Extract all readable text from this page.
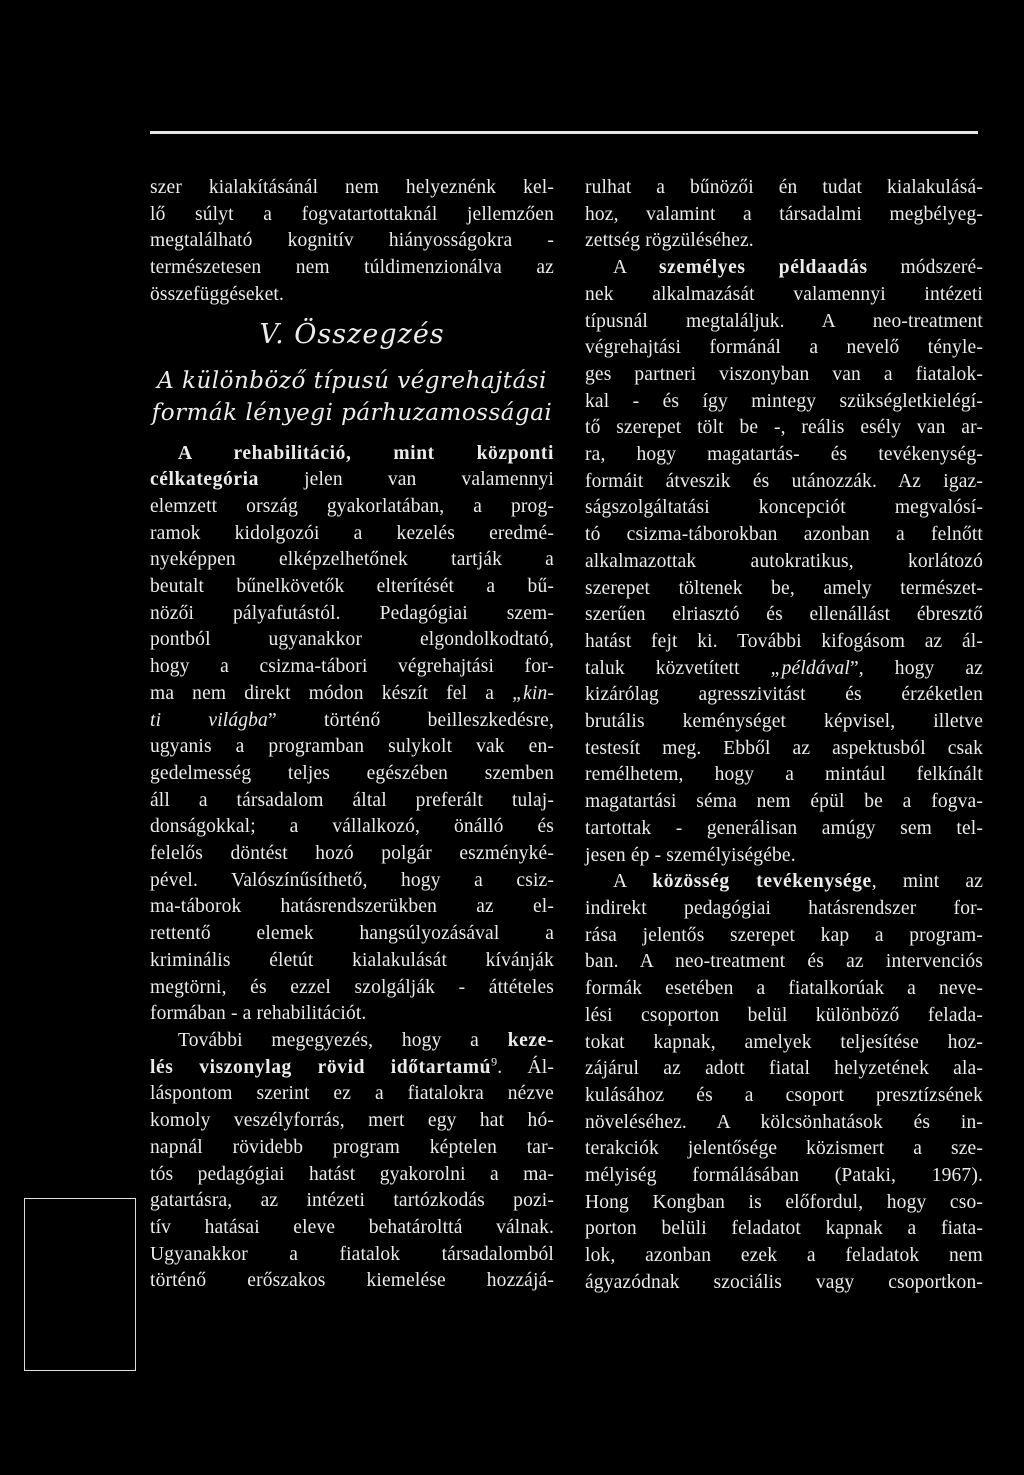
szer kialakításánál nem helyeznénk kel-
lő súlyt a fogvatartottaknál jellemzően
megtalálható kognitív hiányosságokra -
természetesen nem túldimenzionálva az
összefüggéseket.
V. Összegzés
A különböző típusú végrehajtási
formák lényegi párhuzamosságai
A rehabilitáció, mint központi
célkategória jelen van valamennyi
elemzett ország gyakorlatában, a prog-
ramok kidolgozói a kezelés eredmé-
nyeképpen elképzelhetőnek tartják a
beutalt bűnelkövetők elterítését a bű-
nözői pályafutástól. Pedagógiai szem-
pontból ugyanakkor elgondolkodtató,
hogy a csizma-tábori végrehajtási for-
ma nem direkt módon készít fel a „kin-
ti világba” történő beilleszkedésre,
ugyanis a programban sulykolt vak en-
gedelmesség teljes egészében szemben
áll a társadalom által preferált tulaj-
donságokkal; a vállalkozó, önálló és
felelős döntést hozó polgár eszményké-
pével. Valószínűsíthető, hogy a csiz-
ma-táborok hatásrendszerükben az el-
rettentő elemek hangsúlyozásával a
kriminális életút kialakulását kívánják
megtörni, és ezzel szolgálják - áttételes
formában - a rehabilitációt.
További megegyezés, hogy a keze-
lés viszonylag rövid időtartamú$^9$. Ál-
láspontom szerint ez a fiatalokra nézve
komoly veszélyforrás, mert egy hat hó-
napnál rövidebb program képtelen tar-
tós pedagógiai hatást gyakorolni a ma-
gatartásra, az intézeti tartózkodás pozi-
tív hatásai eleve behatárolttá válnak.
Ugyanakkor a fiatalok társadalomból
történő erőszakos kiemelése hozzájá-
rulhat a bűnözői én tudat kialakulásá-
hoz, valamint a társadalmi megbélyeg-
zettség rögzüléséhez.
A személyes példaadás módszeré-
nek alkalmazását valamennyi intézeti
típusnál megtaláljuk. A neo-treatment
végrehajtási formánál a nevelő ténylе-
ges partneri viszonyban van a fiatalok-
kal - és így mintegy szükségletkielégí-
tő szerepet tölt be -, reális esély van ar-
ra, hogy magatartás- és tevékenység-
formáit átveszik és utánozzák. Az igaz-
ságszolgáltatási koncepciót megvalósí-
tó csizma-táborokban azonban a felnőtt
alkalmazottak autokratikus, korlátozó
szerepet töltenek be, amely természet-
szerűen elriasztó és ellenállást ébresztő
hatást fejt ki. További kifogásom az ál-
taluk közvetített „példával”, hogy az
kizárólag agresszivitást és érzéketlen
brutális keménységet képvisel, illetve
testesít meg. Ebből az aspektusból csak
remélhetem, hogy a mintául felkínált
magatartási séma nem épül be a fogva-
tartottak - generálisan amúgy sem tel-
jesen ép - személyiségébe.
A közösség tevékenysége, mint az
indirekt pedagógiai hatásrendszer for-
rása jelentős szerepet kap a program-
ban. A neo-treatment és az intervenciós
formák esetében a fiatalkorúak a neve-
lési csoporton belül különböző felada-
tokat kapnak, amelyek teljesítése hoz-
zájárul az adott fiatal helyzetének ala-
kulásához és a csoport presztízsének
növeléséhez. A kölcsönhatások és in-
terakciók jelentősége közismert a sze-
mélyiség formálásában (Pataki, 1967).
Hong Kongban is előfordul, hogy cso-
porton belüli feladatot kapnak a fiata-
lok, azonban ezek a feladatok nem
ágyazódnak szociális vagy csoportkon-
